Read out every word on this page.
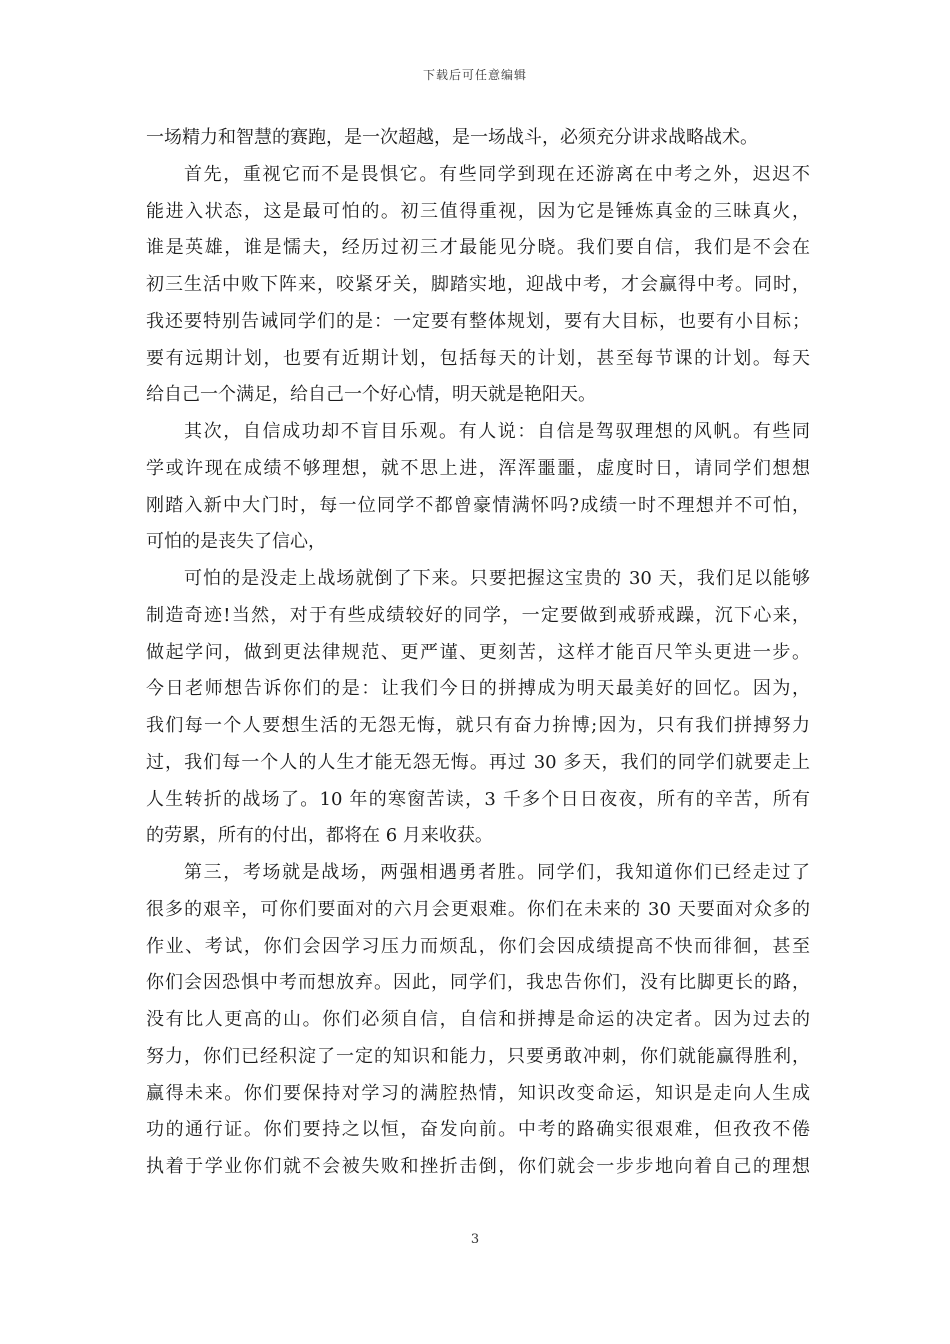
下载后可任意编辑
一场精力和智慧的赛跑，是一次超越，是一场战斗，必须充分讲求战略战术。
首先，重视它而不是畏惧它。有些同学到现在还游离在中考之外，迟迟不
能进入状态，这是最可怕的。初三值得重视，因为它是锤炼真金的三昧真火，
谁是英雄，谁是懦夫，经历过初三才最能见分晓。我们要自信，我们是不会在
初三生活中败下阵来，咬紧牙关，脚踏实地，迎战中考，才会赢得中考。同时，
我还要特别告诫同学们的是：一定要有整体规划，要有大目标，也要有小目标；
要有远期计划，也要有近期计划，包括每天的计划，甚至每节课的计划。每天
给自己一个满足，给自己一个好心情，明天就是艳阳天。
其次，自信成功却不盲目乐观。有人说：自信是驾驭理想的风帆。有些同
学或许现在成绩不够理想，就不思上进，浑浑噩噩，虚度时日，请同学们想想
刚踏入新中大门时，每一位同学不都曾豪情满怀吗?成绩一时不理想并不可怕，
可怕的是丧失了信心，
可怕的是没走上战场就倒了下来。只要把握这宝贵的 30 天，我们足以能够
制造奇迹!当然，对于有些成绩较好的同学，一定要做到戒骄戒躁，沉下心来，
做起学问，做到更法律规范、更严谨、更刻苦，这样才能百尺竿头更进一步。
今日老师想告诉你们的是：让我们今日的拼搏成为明天最美好的回忆。因为，
我们每一个人要想生活的无怨无悔，就只有奋力拚博;因为，只有我们拼搏努力
过，我们每一个人的人生才能无怨无悔。再过 30 多天，我们的同学们就要走上
人生转折的战场了。10 年的寒窗苦读，3 千多个日日夜夜，所有的辛苦，所有
的劳累，所有的付出，都将在 6 月来收获。
第三，考场就是战场，两强相遇勇者胜。同学们，我知道你们已经走过了
很多的艰辛，可你们要面对的六月会更艰难。你们在未来的 30 天要面对众多的
作业、考试，你们会因学习压力而烦乱，你们会因成绩提高不快而徘徊，甚至
你们会因恐惧中考而想放弃。因此，同学们，我忠告你们，没有比脚更长的路，
没有比人更高的山。你们必须自信，自信和拼搏是命运的决定者。因为过去的
努力，你们已经积淀了一定的知识和能力，只要勇敢冲刺，你们就能赢得胜利，
赢得未来。你们要保持对学习的满腔热情，知识改变命运，知识是走向人生成
功的通行证。你们要持之以恒，奋发向前。中考的路确实很艰难，但孜孜不倦
执着于学业你们就不会被失败和挫折击倒，你们就会一步步地向着自己的理想
3
